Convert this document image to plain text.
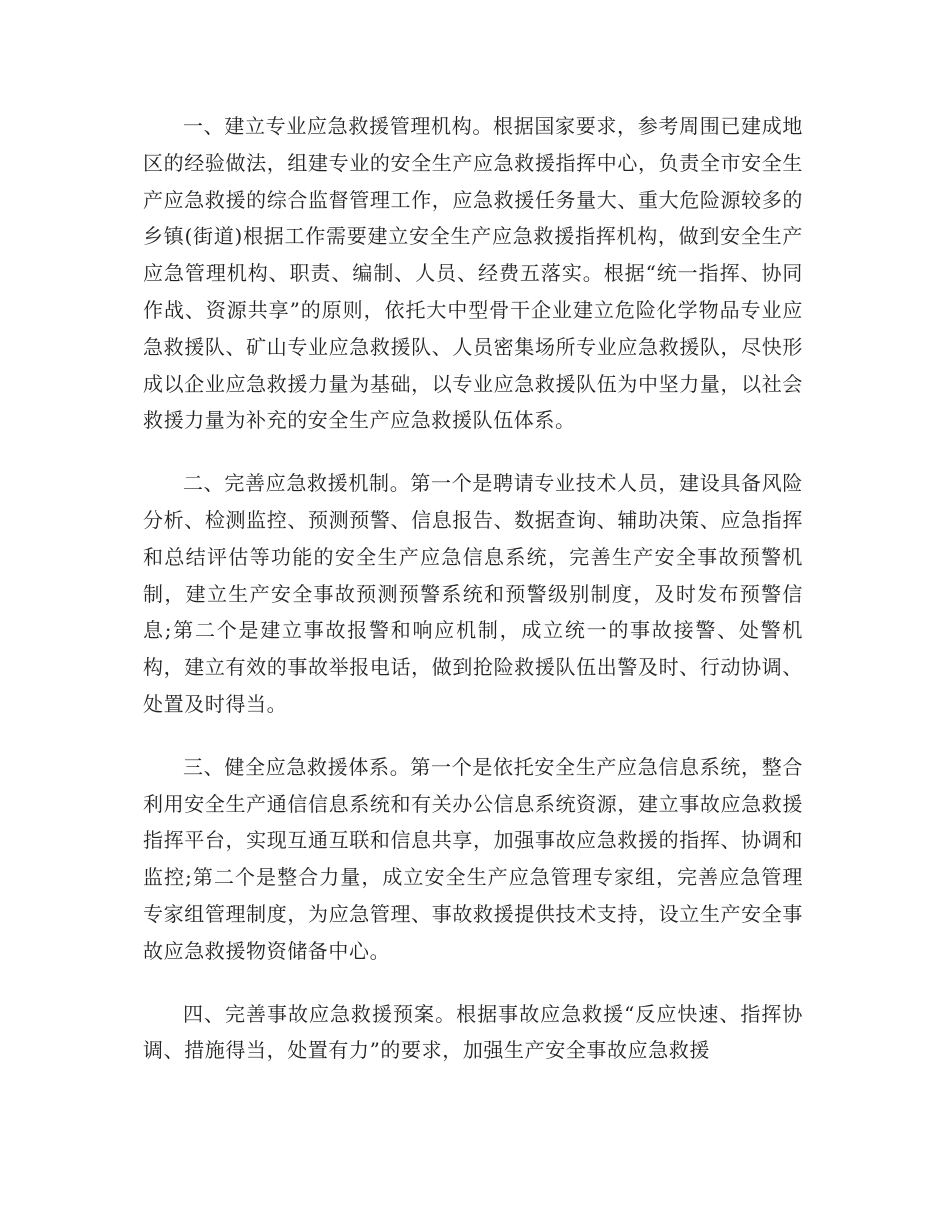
一、建立专业应急救援管理机构。根据国家要求，参考周围已建成地区的经验做法，组建专业的安全生产应急救援指挥中心，负责全市安全生产应急救援的综合监督管理工作，应急救援任务量大、重大危险源较多的乡镇(街道)根据工作需要建立安全生产应急救援指挥机构，做到安全生产应急管理机构、职责、编制、人员、经费五落实。根据“统一指挥、协同作战、资源共享”的原则，依托大中型骨干企业建立危险化学物品专业应急救援队、矿山专业应急救援队、人员密集场所专业应急救援队，尽快形成以企业应急救援力量为基础，以专业应急救援队伍为中坚力量，以社会救援力量为补充的安全生产应急救援队伍体系。

二、完善应急救援机制。第一个是聘请专业技术人员，建设具备风险分析、检测监控、预测预警、信息报告、数据查询、辅助决策、应急指挥和总结评估等功能的安全生产应急信息系统，完善生产安全事故预警机制，建立生产安全事故预测预警系统和预警级别制度，及时发布预警信息;第二个是建立事故报警和响应机制，成立统一的事故接警、处警机构，建立有效的事故举报电话，做到抢险救援队伍出警及时、行动协调、处置及时得当。

三、健全应急救援体系。第一个是依托安全生产应急信息系统，整合利用安全生产通信信息系统和有关办公信息系统资源，建立事故应急救援指挥平台，实现互通互联和信息共享，加强事故应急救援的指挥、协调和监控;第二个是整合力量，成立安全生产应急管理专家组，完善应急管理专家组管理制度，为应急管理、事故救援提供技术支持，设立生产安全事故应急救援物资储备中心。

四、完善事故应急救援预案。根据事故应急救援“反应快速、指挥协调、措施得当，处置有力”的要求，加强生产安全事故应急救援
